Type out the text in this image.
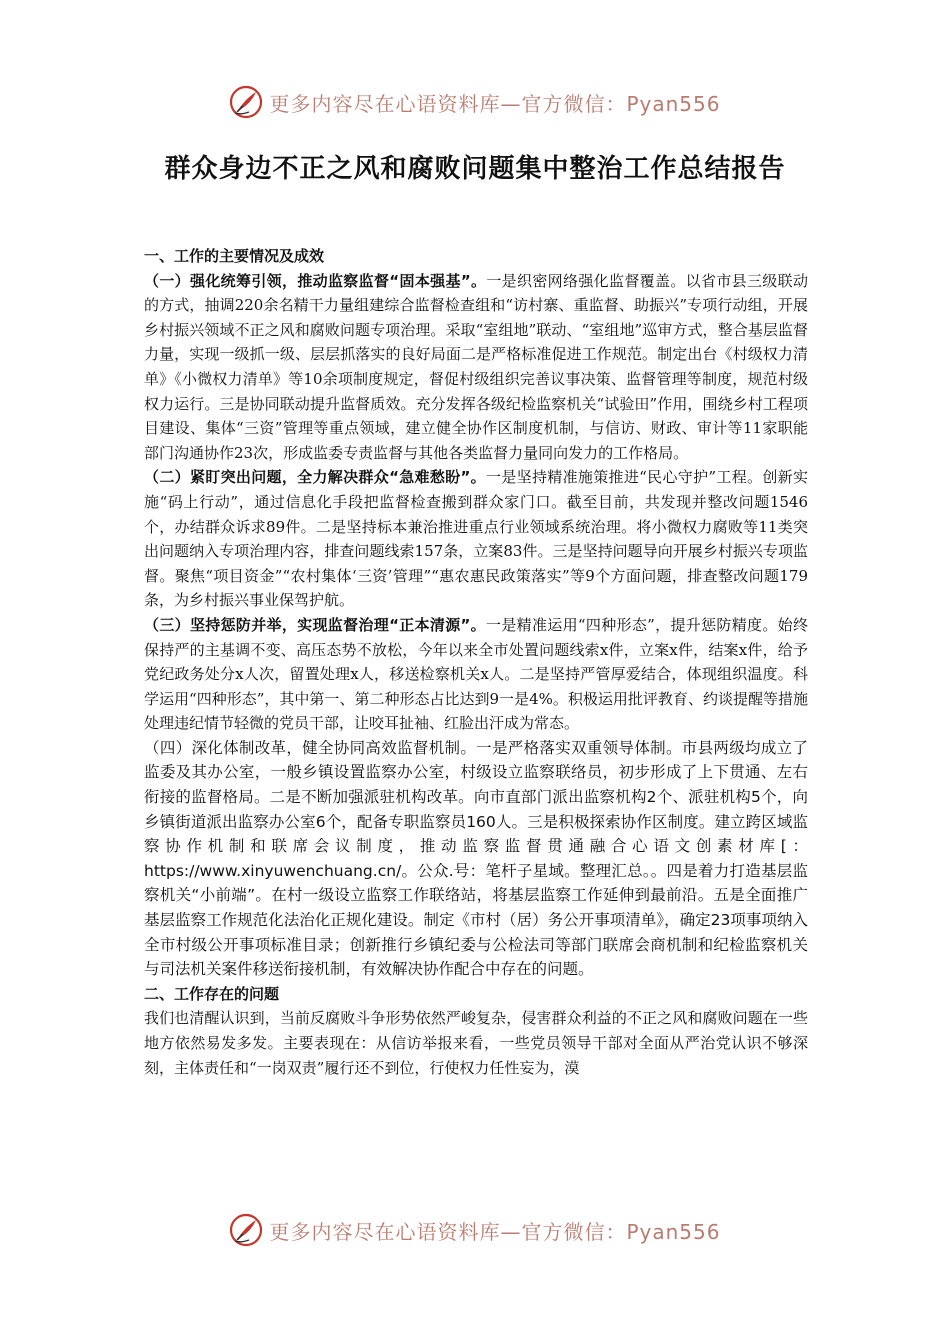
更多内容尽在心语资料库—官方微信：Pyan556
群众身边不正之风和腐败问题集中整治工作总结报告

一、工作的主要情况及成效

（一）强化统筹引领，推动监察监督“固本强基”。一是织密网络强化监督覆盖。以省市县三级联动的方式，抽调220余名精干力量组建综合监督检查组和“访村寨、重监督、助振兴”专项行动组，开展乡村振兴领域不正之风和腐败问题专项治理。采取“室组地”联动、“室组地”巡审方式，整合基层监督力量，实现一级抓一级、层层抓落实的良好局面二是严格标准促进工作规范。制定出台《村级权力清单》《小微权力清单》等10余项制度规定，督促村级组织完善议事决策、监督管理等制度，规范村级权力运行。三是协同联动提升监督质效。充分发挥各级纪检监察机关“试验田”作用，围绕乡村工程项目建设、集体“三资”管理等重点领域，建立健全协作区制度机制，与信访、财政、审计等11家职能部门沟通协作23次，形成监委专责监督与其他各类监督力量同向发力的工作格局。

（二）紧盯突出问题，全力解决群众“急难愁盼”。一是坚持精准施策推进“民心守护”工程。创新实施“码上行动”，通过信息化手段把监督检查搬到群众家门口。截至目前，共发现并整改问题1546个，办结群众诉求89件。二是坚持标本兼治推进重点行业领域系统治理。将小微权力腐败等11类突出问题纳入专项治理内容，排查问题线索157条，立案83件。三是坚持问题导向开展乡村振兴专项监督。聚焦“项目资金”“农村集体‘三资’管理”“惠农惠民政策落实”等9个方面问题，排查整改问题179条，为乡村振兴事业保驾护航。

（三）坚持惩防并举，实现监督治理“正本清源”。一是精准运用“四种形态”，提升惩防精度。始终保持严的主基调不变、高压态势不放松，今年以来全市处置问题线索x件，立案x件，结案x件，给予党纪政务处分x人次，留置处理x人，移送检察机关x人。二是坚持严管厚爱结合，体现组织温度。科学运用“四种形态”，其中第一、第二种形态占比达到9一是4%。积极运用批评教育、约谈提醒等措施处理违纪情节轻微的党员干部，让咬耳扯袖、红脸出汗成为常态。

（四）深化体制改革，健全协同高效监督机制。一是严格落实双重领导体制。市县两级均成立了监委及其办公室，一般乡镇设置监察办公室，村级设立监察联络员，初步形成了上下贯通、左右衔接的监督格局。二是不断加强派驻机构改革。向市直部门派出监察机构2个、派驻机构5个，向乡镇街道派出监察办公室6个，配备专职监察员160人。三是积极探索协作区制度。建立跨区域监察协作机制和联席会议制度，推动监察监督贯通融合心语文创素材库[：https://www.xinyuwenchuang.cn/。公众.号：笔杆子星域。整理汇总。。四是着力打造基层监察机关“小前端”。在村一级设立监察工作联络站，将基层监察工作延伸到最前沿。五是全面推广基层监察工作规范化法治化正规化建设。制定《市村（居）务公开事项清单》，确定23项事项纳入全市村级公开事项标准目录；创新推行乡镇纪委与公检法司等部门联席会商机制和纪检监察机关与司法机关案件移送衔接机制，有效解决协作配合中存在的问题。

二、工作存在的问题

我们也清醒认识到，当前反腐败斗争形势依然严峻复杂，侵害群众利益的不正之风和腐败问题在一些地方依然易发多发。主要表现在：从信访举报来看，一些党员领导干部对全面从严治党认识不够深刻，主体责任和“一岗双责”履行还不到位，行使权力任性妄为，漠

更多内容尽在心语资料库—官方微信：Pyan556
